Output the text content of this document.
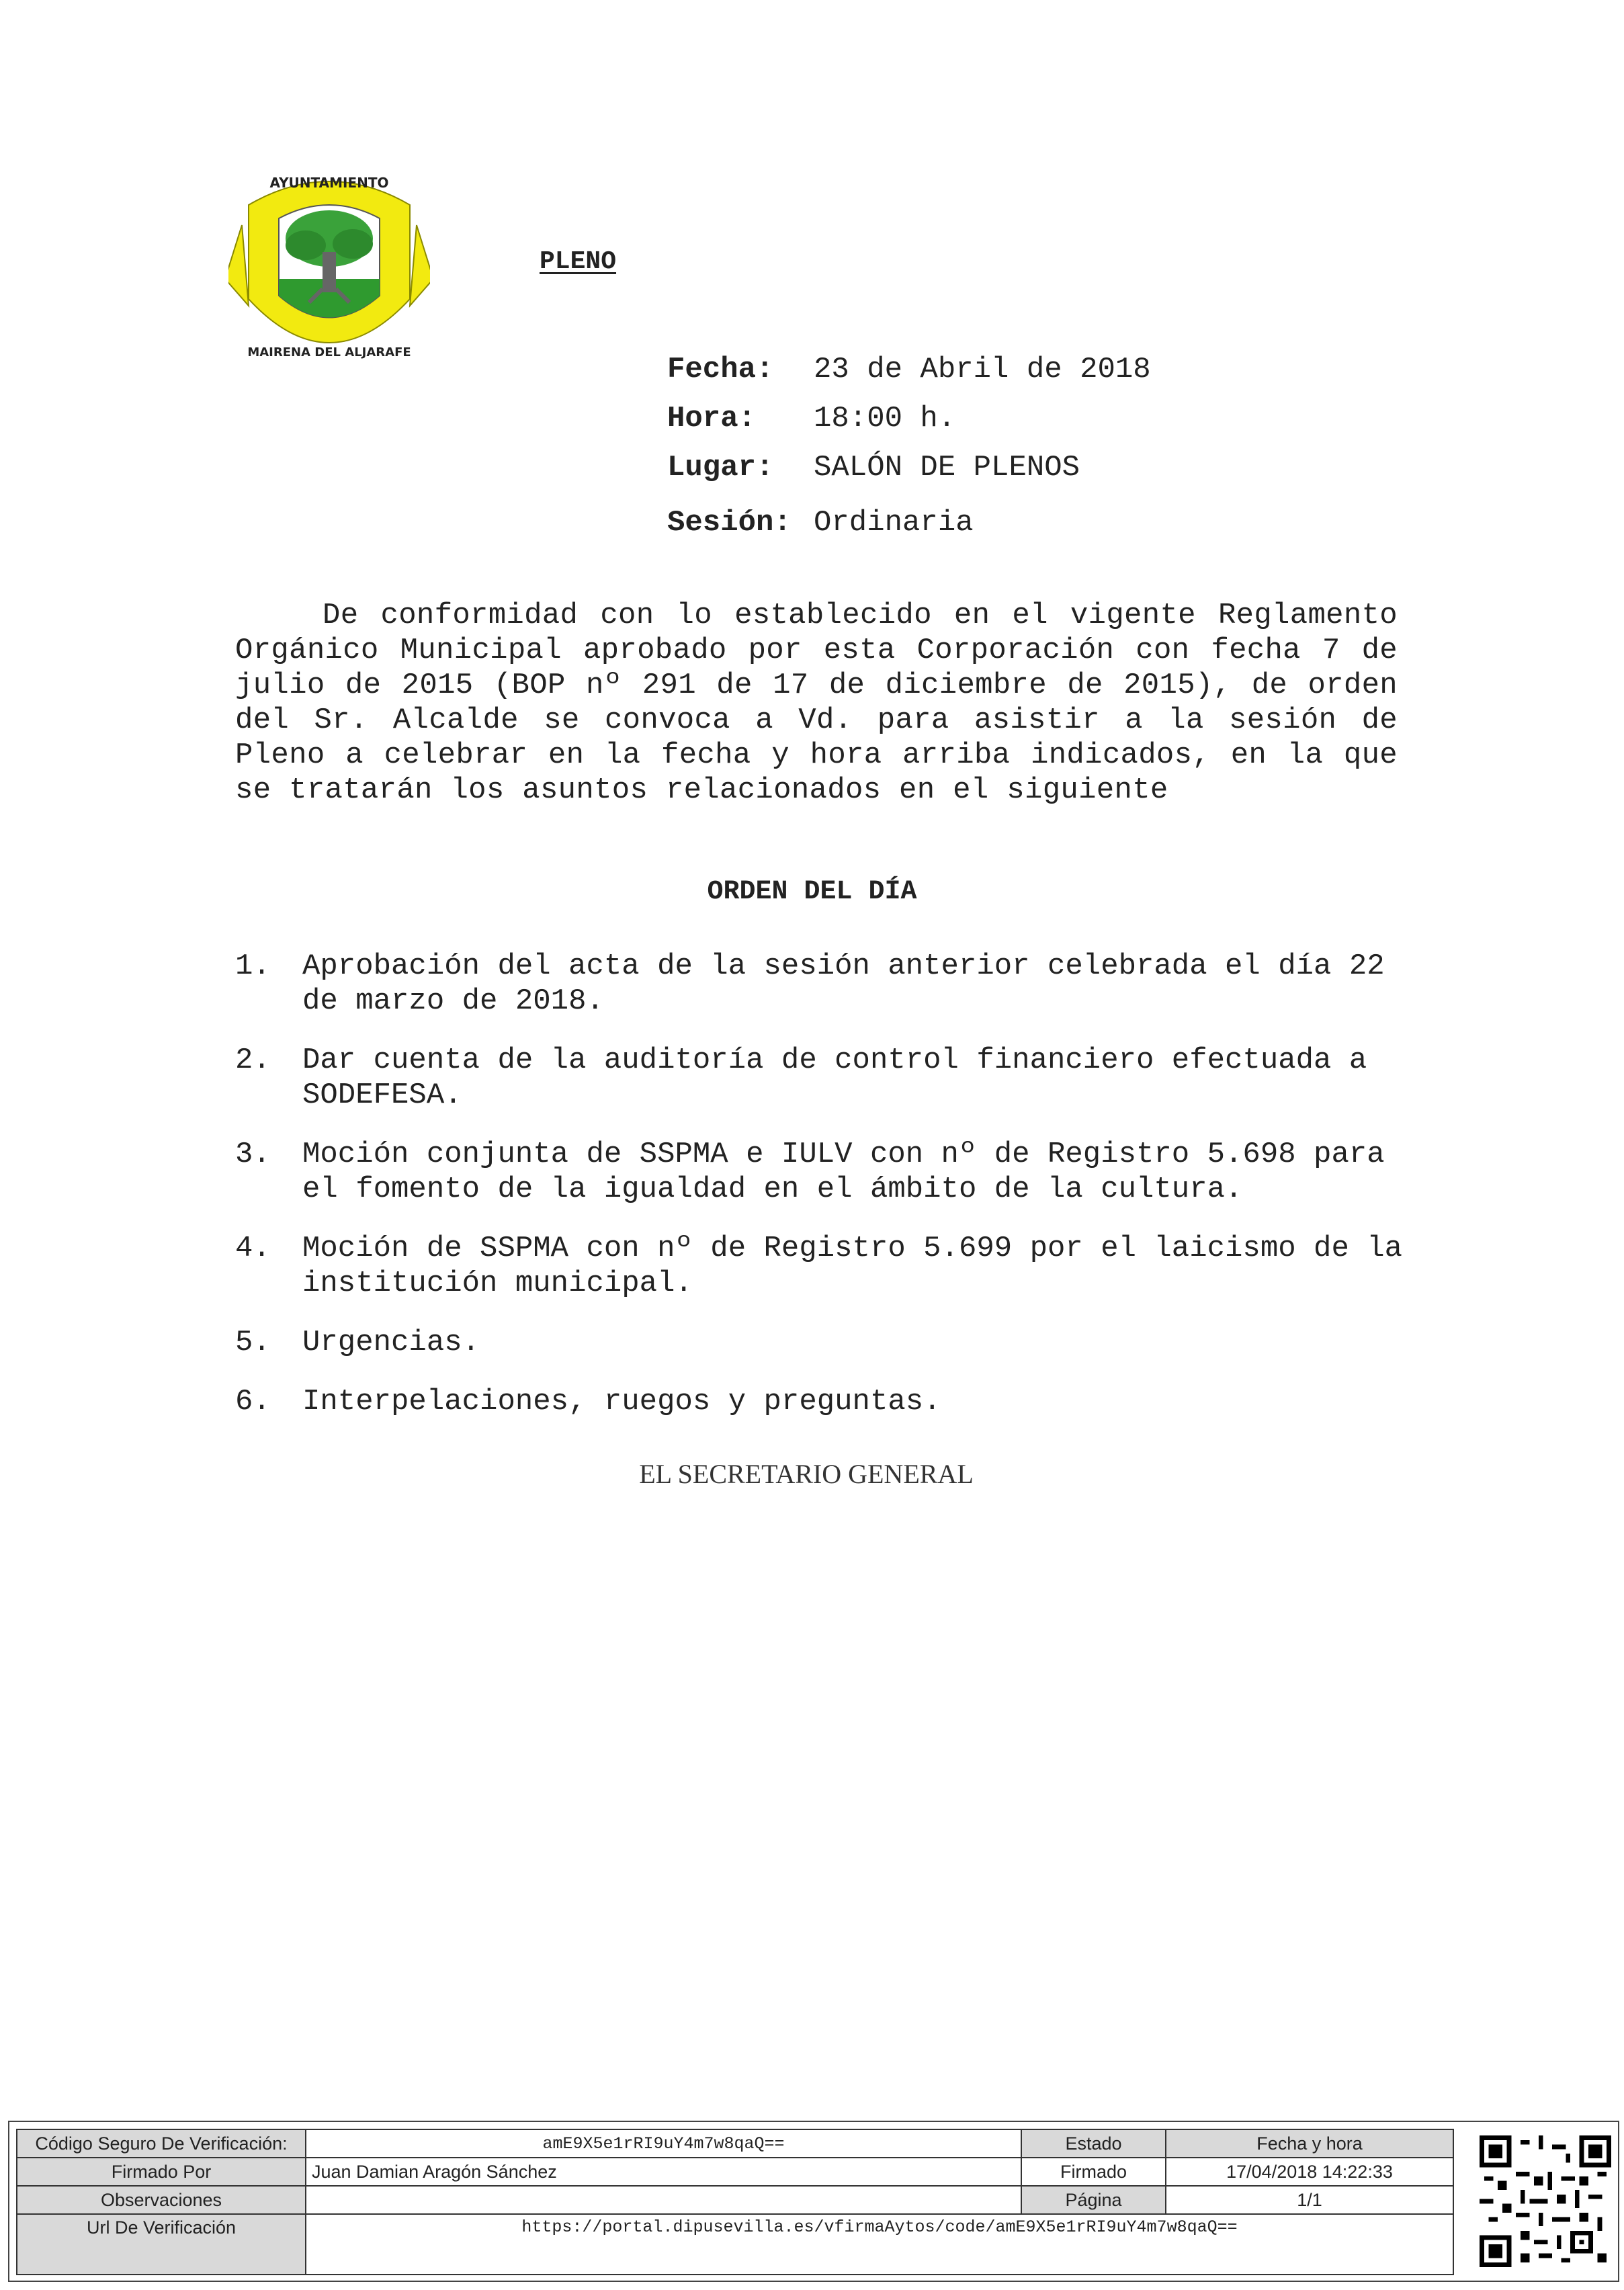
AYUNTAMIENTO
MAIRENA DEL ALJARAFE
PLENO
Fecha: 23 de Abril de 2018
Hora: 18:00 h.
Lugar: SALÓN DE PLENOS
Sesión: Ordinaria

De conformidad con lo establecido en el vigente Reglamento Orgánico Municipal aprobado por esta Corporación con fecha 7 de julio de 2015 (BOP nº 291 de 17 de diciembre de 2015), de orden del Sr. Alcalde se convoca a Vd. para asistir a la sesión de Pleno a celebrar en la fecha y hora arriba indicados, en la que se tratarán los asuntos relacionados en el siguiente

ORDEN DEL DÍA
1. Aprobación del acta de la sesión anterior celebrada el día 22 de marzo de 2018.
2. Dar cuenta de la auditoría de control financiero efectuada a SODEFESA.
3. Moción conjunta de SSPMA e IULV con nº de Registro 5.698 para el fomento de la igualdad en el ámbito de la cultura.
4. Moción de SSPMA con nº de Registro 5.699 por el laicismo de la institución municipal.
5. Urgencias.
6. Interpelaciones, ruegos y preguntas.
EL SECRETARIO GENERAL
Código Seguro De Verificación:	amE9X5e1rRI9uY4m7w8qaQ==	Estado	Fecha y hora
Firmado Por	Juan Damian Aragón Sánchez	Firmado	17/04/2018 14:22:33
Observaciones		Página	1/1
Url De Verificación	https://portal.dipusevilla.es/vfirmaAytos/code/amE9X5e1rRI9uY4m7w8qaQ==		
